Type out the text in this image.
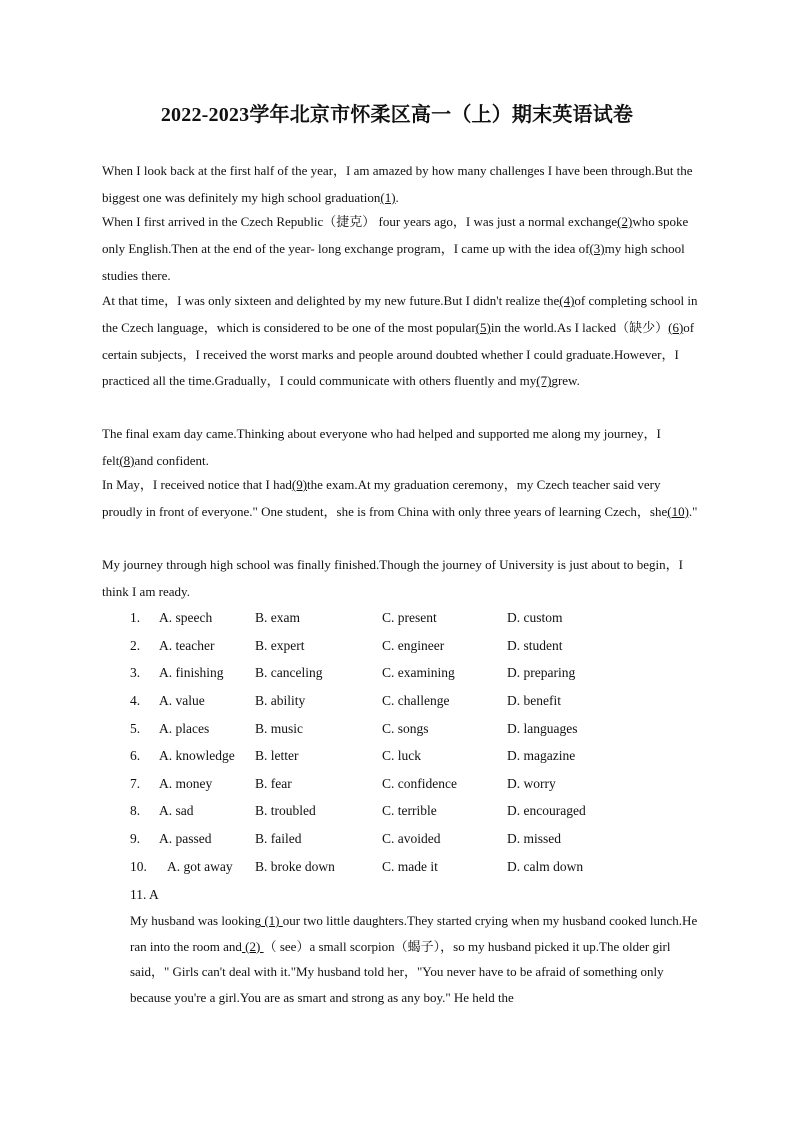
2022-2023学年北京市怀柔区高一（上）期末英语试卷
When I look back at the first half of the year，I am amazed by how many challenges I have been through.But the biggest one was definitely my high school graduation(1).
When I first arrived in the Czech Republic（捷克） four years ago，I was just a normal exchange(2)who spoke only English.Then at the end of the year- long exchange program，I came up with the idea of(3)my high school studies there.
At that time，I was only sixteen and delighted by my new future.But I didn't realize the(4)of completing school in the Czech language，which is considered to be one of the most popular(5)in the world.As I lacked（缺少）(6)of certain subjects，I received the worst marks and people around doubted whether I could graduate.However，I practiced all the time.Gradually，I could communicate with others fluently and my(7)grew.
The final exam day came.Thinking about everyone who had helped and supported me along my journey，I felt(8)and confident.
In May，I received notice that I had(9)the exam.At my graduation ceremony，my Czech teacher said very proudly in front of everyone." One student，she is from China with only three years of learning Czech，she(10)."
My journey through high school was finally finished.Though the journey of University is just about to begin，I think I am ready.
1. A. speech	B. exam	C. present	D. custom
2. A. teacher	B. expert	C. engineer	D. student
3. A. finishing B. canceling	C. examining	D. preparing
4. A. value	B. ability	C. challenge	D. benefit
5. A. places	B. music	C. songs	D. languages
6. A. knowledge B. letter	C. luck	D. magazine
7. A. money	B. fear	C. confidence	D. worry
8. A. sad	B. troubled	C. terrible	D. encouraged
9. A. passed	B. failed	C. avoided	D. missed
10. A. got away B. broke down	C. made it	D. calm down
11. A
My husband was looking (1) our two little daughters.They started crying when my husband cooked lunch.He ran into the room and (2) （ see）a small scorpion（蝎子），so my husband picked it up.The older girl said，" Girls can't deal with it."My husband told her，"You never have to be afraid of something only because you're a girl.You are as smart and strong as any boy." He held the
